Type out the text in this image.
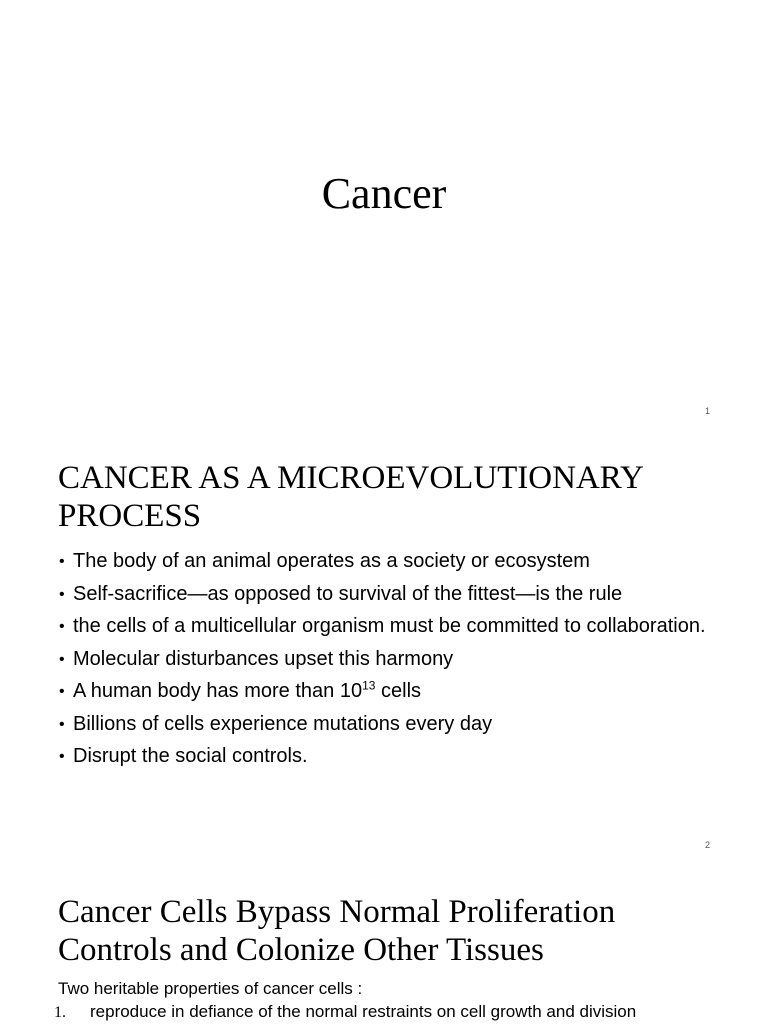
Cancer
1
CANCER AS A MICROEVOLUTIONARY
PROCESS
• The body of an animal operates as a society or ecosystem
• Self-sacrifice—as opposed to survival of the fittest—is the rule
• the cells of a multicellular organism must be committed to collaboration.
• Molecular disturbances upset this harmony
• A human body has more than $10^{13}$ cells
• Billions of cells experience mutations every day
• Disrupt the social controls.
2
Cancer Cells Bypass Normal Proliferation
Controls and Colonize Other Tissues

Two heritable properties of cancer cells :

1. reproduce in defiance of the normal restraints on cell growth and division
